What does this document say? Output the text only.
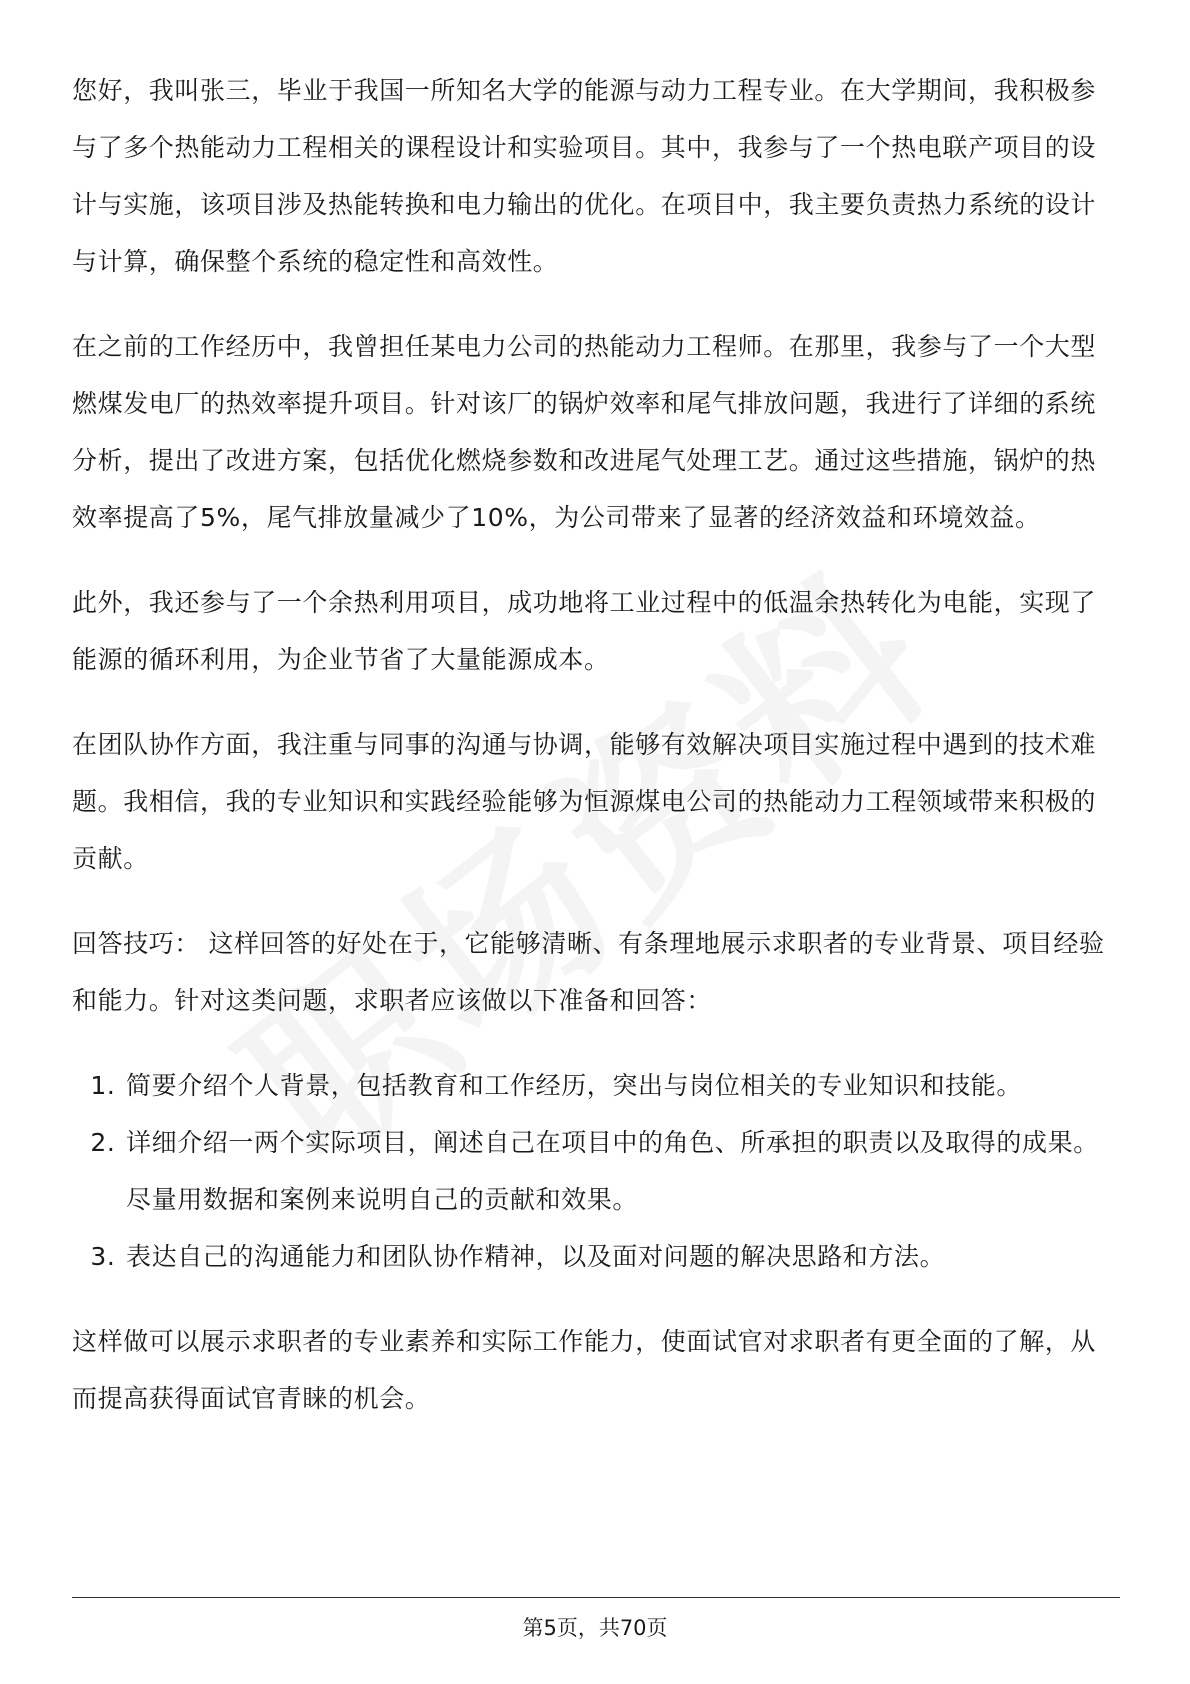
您好，我叫张三，毕业于我国一所知名大学的能源与动力工程专业。在大学期间，我积极参与了多个热能动力工程相关的课程设计和实验项目。其中，我参与了一个热电联产项目的设计与实施，该项目涉及热能转换和电力输出的优化。在项目中，我主要负责热力系统的设计与计算，确保整个系统的稳定性和高效性。

在之前的工作经历中，我曾担任某电力公司的热能动力工程师。在那里，我参与了一个大型燃煤发电厂的热效率提升项目。针对该厂的锅炉效率和尾气排放问题，我进行了详细的系统分析，提出了改进方案，包括优化燃烧参数和改进尾气处理工艺。通过这些措施，锅炉的热效率提高了5%，尾气排放量减少了10%，为公司带来了显著的经济效益和环境效益。

此外，我还参与了一个余热利用项目，成功地将工业过程中的低温余热转化为电能，实现了能源的循环利用，为企业节省了大量能源成本。

在团队协作方面，我注重与同事的沟通与协调，能够有效解决项目实施过程中遇到的技术难题。我相信，我的专业知识和实践经验能够为恒源煤电公司的热能动力工程领域带来积极的贡献。

回答技巧： 这样回答的好处在于，它能够清晰、有条理地展示求职者的专业背景、项目经验和能力。针对这类问题，求职者应该做以下准备和回答：

1. 简要介绍个人背景，包括教育和工作经历，突出与岗位相关的专业知识和技能。
2. 详细介绍一两个实际项目，阐述自己在项目中的角色、所承担的职责以及取得的成果。尽量用数据和案例来说明自己的贡献和效果。
3. 表达自己的沟通能力和团队协作精神，以及面对问题的解决思路和方法。

这样做可以展示求职者的专业素养和实际工作能力，使面试官对求职者有更全面的了解，从而提高获得面试官青睐的机会。

第5页，共70页
